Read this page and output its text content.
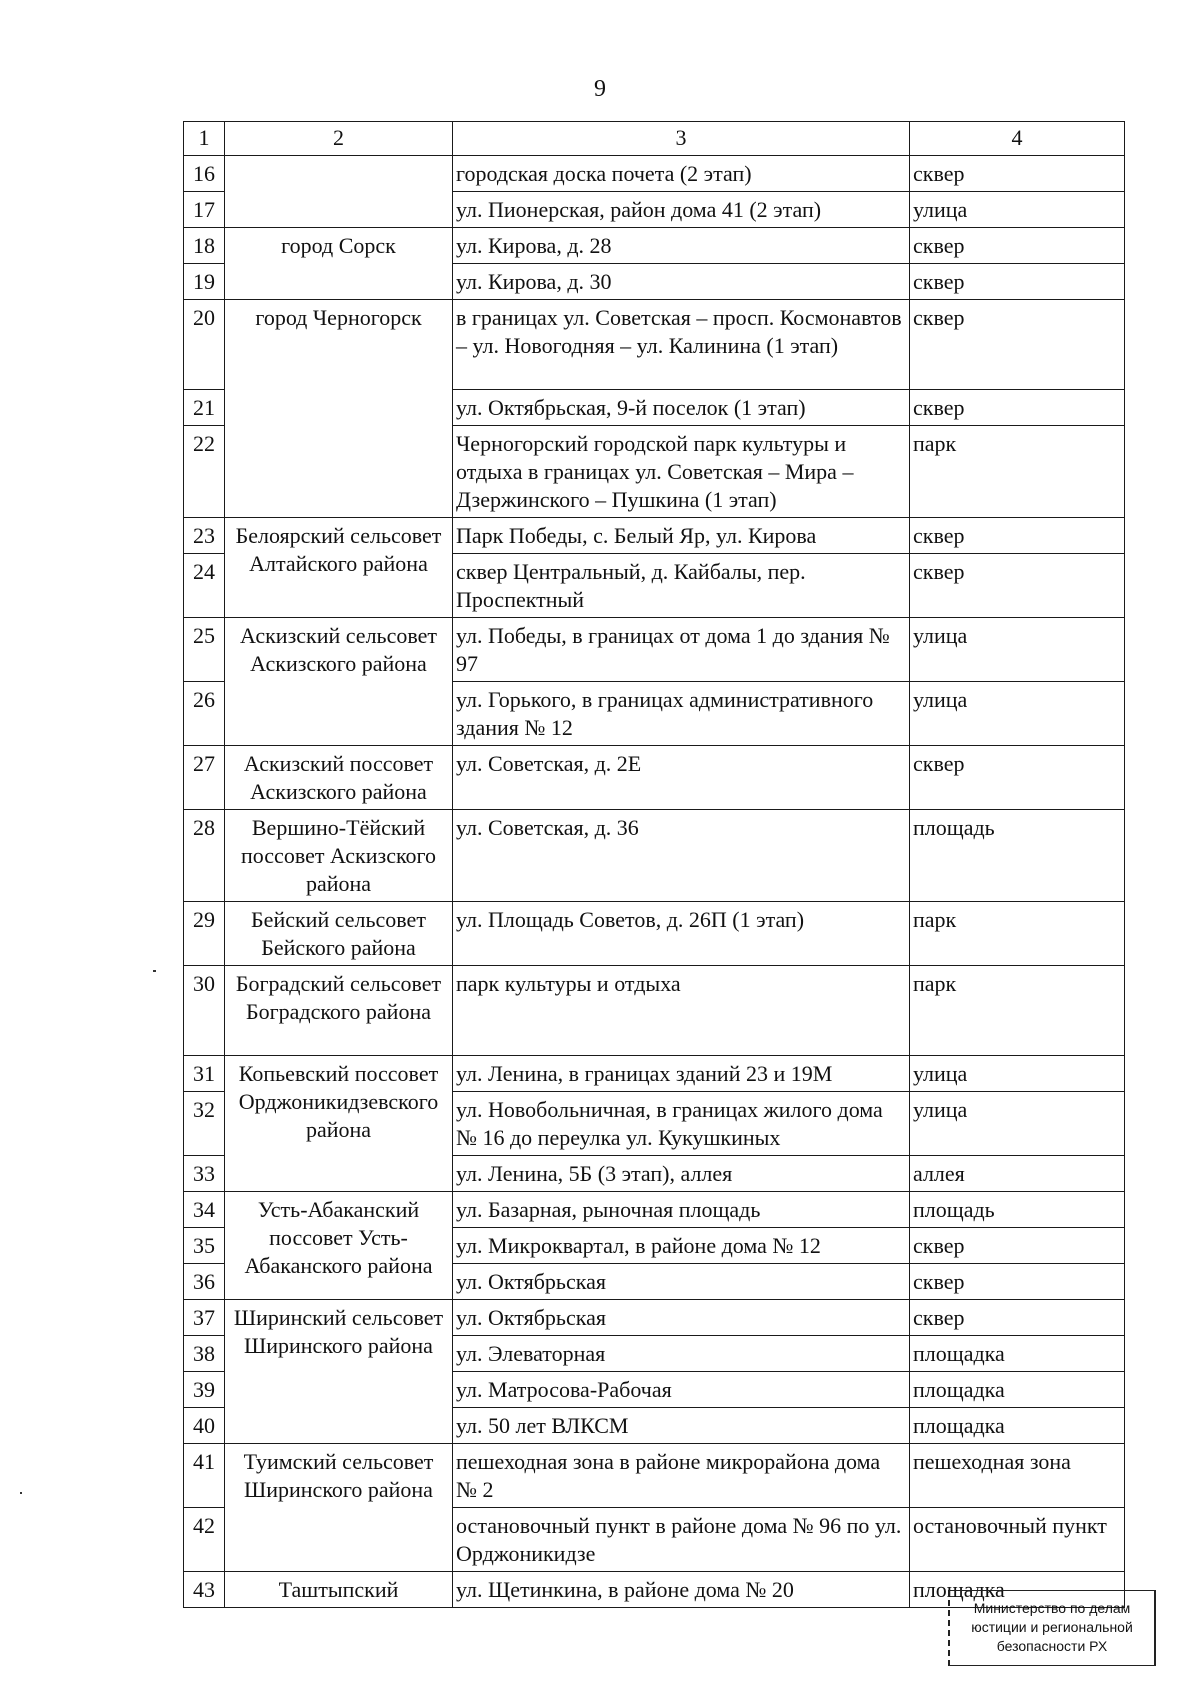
9
1	2	3	4
16		городская доска почета (2 этап)	сквер
17		ул. Пионерская, район дома 41 (2 этап)	улица
18	город Сорск	ул. Кирова, д. 28	сквер
19		ул. Кирова, д. 30	сквер
20	город Черногорск	в границах ул. Советская – просп. Космонавтов – ул. Новогодняя – ул. Калинина (1 этап)	сквер
21		ул. Октябрьская, 9-й поселок (1 этап)	сквер
22		Черногорский городской парк культуры и отдыха в границах ул. Советская – Мира – Дзержинского – Пушкина (1 этап)	парк
23	Белоярский сельсовет Алтайского района	Парк Победы, с. Белый Яр, ул. Кирова	сквер
24		сквер Центральный, д. Кайбалы, пер. Проспектный	сквер
25	Аскизский сельсовет Аскизского района	ул. Победы, в границах от дома 1 до здания № 97	улица
26		ул. Горького, в границах административного здания № 12	улица
27	Аскизский поссовет Аскизского района	ул. Советская, д. 2Е	сквер
28	Вершино-Тёйский поссовет Аскизского района	ул. Советская, д. 36	площадь
29	Бейский сельсовет Бейского района	ул. Площадь Советов, д. 26П (1 этап)	парк
30	Боградский сельсовет Боградского района	парк культуры и отдыха	парк
31	Копьевский поссовет Орджоникидзевского района	ул. Ленина, в границах зданий 23 и 19М	улица
32		ул. Новобольничная, в границах жилого дома № 16 до переулка ул. Кукушкиных	улица
33		ул. Ленина, 5Б (3 этап), аллея	аллея
34	Усть-Абаканский поссовет Усть-Абаканского района	ул. Базарная, рыночная площадь	площадь
35		ул. Микроквартал, в районе дома № 12	сквер
36		ул. Октябрьская	сквер
37	Ширинский сельсовет Ширинского района	ул. Октябрьская	сквер
38		ул. Элеваторная	площадка
39		ул. Матросова-Рабочая	площадка
40		ул. 50 лет ВЛКСМ	площадка
41	Туимский сельсовет Ширинского района	пешеходная зона в районе микрорайона дома № 2	пешеходная зона
42		остановочный пункт в районе дома № 96 по ул. Орджоникидзе	остановочный пункт
43	Таштыпский	ул. Щетинкина, в районе дома № 20	площадка
Министерство по делам
юстиции и региональной
безопасности РХ
